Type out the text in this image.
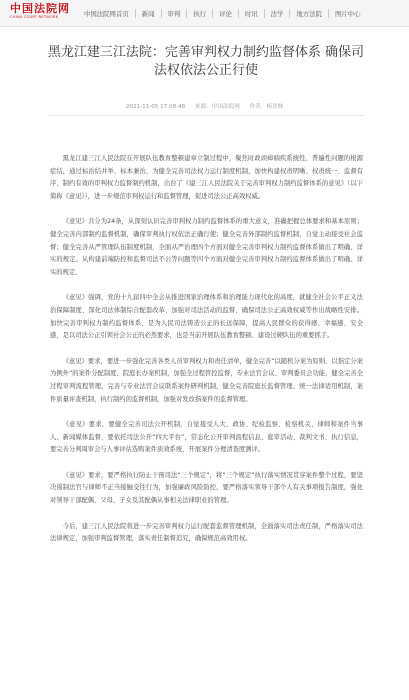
中国法院网
CHINA COURT NETWORK	中国法院网首页 新闻 审判 执行 评论 时讯 法学 地方法院 图片中心
黑龙江建三江法院：完善审判权力制约监督体系 确保司法权依法公正行使
2021-11-05 17:08:48 来源：中国法院网 作者：杨喜林

黑龙江建三江人民法院在开展队伍教育整顿建章立制过程中，聚焦时政顽瘴痼疾系统性、普遍性问题的根源症结，通过标治结并举、标本兼治，为健全完善司法权力运行制度机制，加快构建权责明晰、权责统一、监督有序、制约有效的审判权力监督制约机制，出台了《建三江人民法院关于完善审判权力制约监督体系的意见》（以下简称《意见》），进一步规范审判权运行和监督管理，促进司法公正高效权威。

《意见》共分为24条，从深刻认识完善审判权力制约监督体系的重大意义，准确把握总体要求和基本原则；健全完善内部制约监督机制，确保审判执行权依法正确行使；健全完善外部制约监督机制，自觉主动接受社会监督；健全完善从严管理队伍制度机制，全面从严治理四个方面对健全完善审判权力制约监督体系做出了明确、详实的规定。从构建前端防控和监督司法不公等问题等四个方面对健全完善审判权力制约监督体系做出了明确、详实的规定。

《意见》强调，党的十九届四中全会从推进国家治理体系和治理能力现代化的高度，就健全社会公平正义法治保障制度、深化司法体制综合配套改革、加强对司法活动的监督、确保司法公正高效权威等作出战略性安排。加快完善审判权力制约监督体系，是为人民司法铸造公正的长远保障，提高人民群众的获得感、幸福感、安全感，是以司法公正引领社会公正的必然要求，也是当前开展队伍教育整顿、建设过硬队伍的重要抓手。

《意见》要求，要进一步强化完善各类人员审判权力和责任清单，健全完善“以随机分案为原则、以指定分案为例外”的案件分配制度、院庭长办案机制，加强全过程管控监督，专业法官会议、审判委员会功能，健全完善全过程审判流程管理，完善与专业法官会议联系案件研判机制，健全完善院庭长监督管理、统一法律适用机制，案件质量评查机制，执行制约的监督机制，加强对发改指案件的监督管理。

《意见》要求，要健全完善司法公开机制，自觉接受人大、政协、纪检监察、检察机关、律师和案件当事人、新闻媒体监督，要依托司法公开“四大平台”，常态化公开审判流程信息、庭审活动、裁判文书、执行信息，要完善分判周审会与人事评估选购案件质效系统，开展案件分理清查度测评。

《意见》要求，要严格执行防止干预司法“三个规定”，将“三个规定”执行落实情况贯穿案件整个过程，要坚决遏制法官与律师不正当接触交往行为，加强廉政风险防控，要严格落实领导干部个人有关事项报告制度，强化对领导干部配偶、父母、子女及其配偶从事相关法律职业的管理。

今后，建三江人民法院将进一步完善审判权力运行配套监督管理机制，全面落实司法责任制，严格落实司法法律规定，加强审判监督管理，落实责任制督追究，确保规范高效用权。
